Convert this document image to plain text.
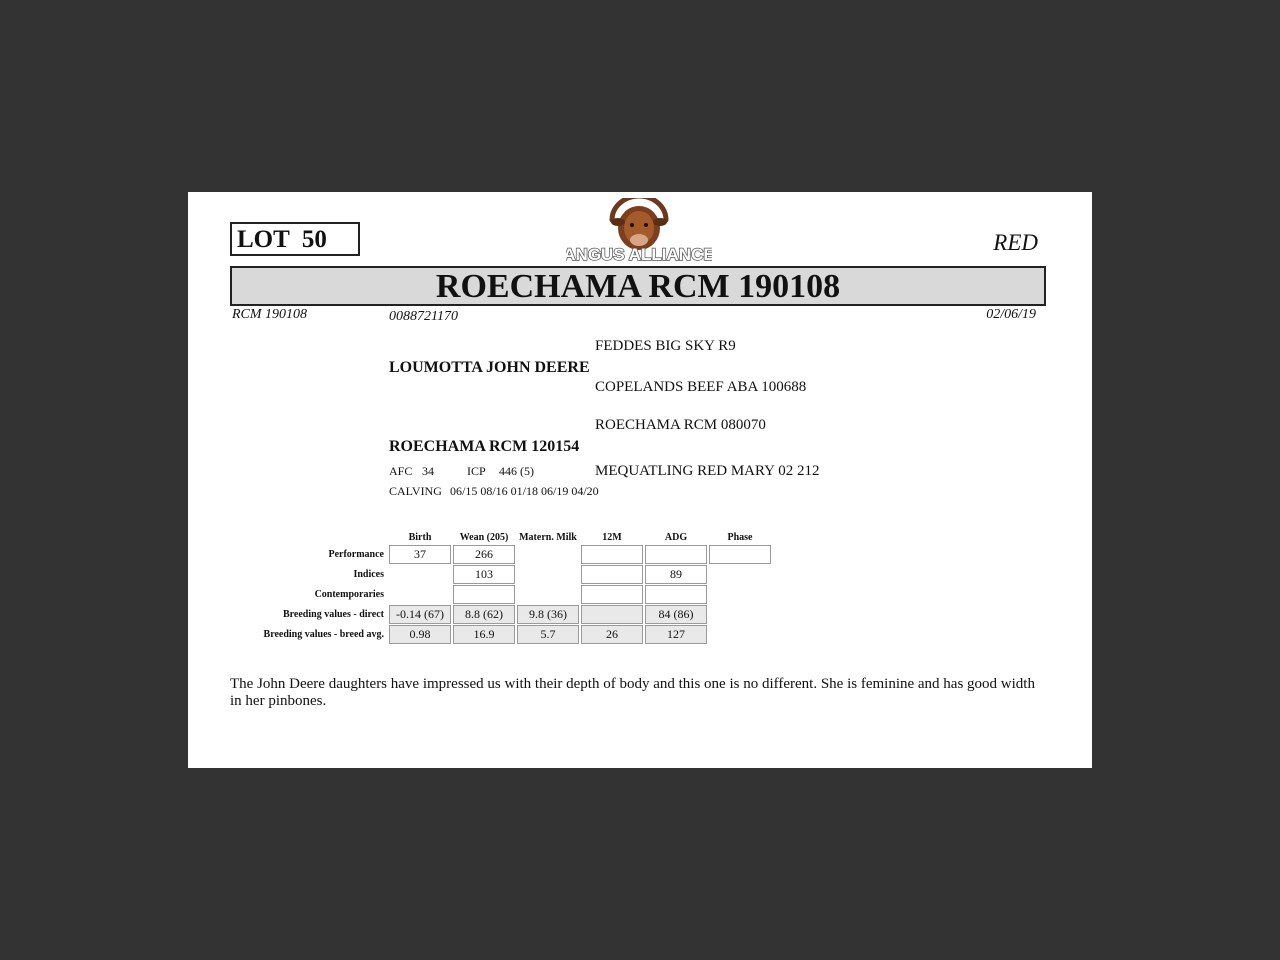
LOT  50
ANGUS ALLIANCE	RED
ROECHAMA RCM 190108
RCM 190108	0088721170	02/06/19
FEDDES BIG SKY R9
LOUMOTTA JOHN DEERE
COPELANDS BEEF ABA 100688
ROECHAMA RCM 080070
ROECHAMA RCM 120154
MEQUATLING RED MARY 02 212
AFC 34	ICP 446 (5)
CALVING 06/15 08/16 01/18 06/19 04/20
	Birth	Wean (205)	Matern. Milk	12M	ADG	Phase
Performance	37	266				
Indices		103			89	
Contemporaries						
Breeding values - direct	-0.14 (67)	8.8 (62)	9.8 (36)		84 (86)	
Breeding values - breed avg.	0.98	16.9	5.7	26	127	
The John Deere daughters have impressed us with their depth of body and this one is no different. She is feminine and has good width in her pinbones.
